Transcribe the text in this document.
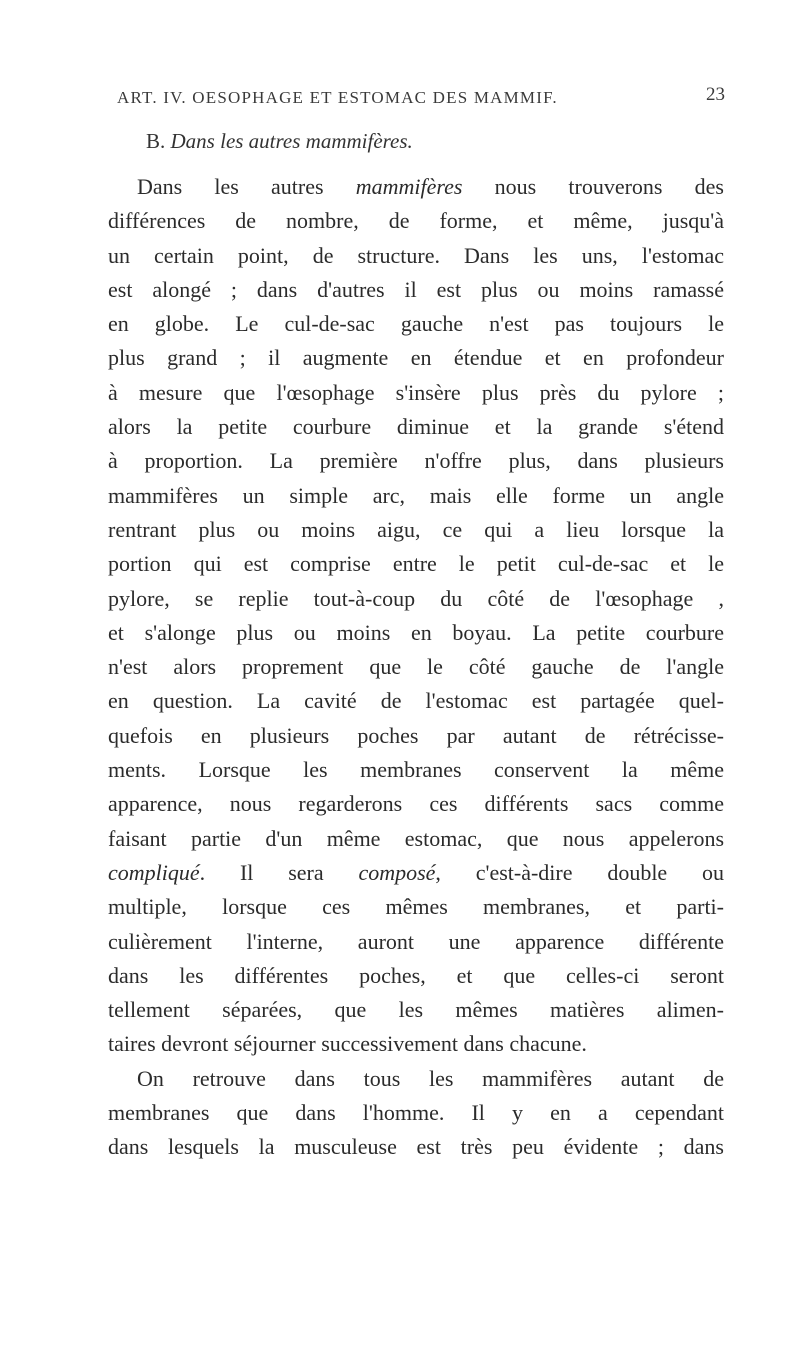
ART. IV. OESOPHAGE ET ESTOMAC DES MAMMIF.	23
B. Dans les autres mammifères.
Dans les autres mammifères nous trouverons des
différences de nombre, de forme, et même, jusqu'à
un certain point, de structure. Dans les uns, l'estomac
est alongé ; dans d'autres il est plus ou moins ramassé
en globe. Le cul-de-sac gauche n'est pas toujours le
plus grand ; il augmente en étendue et en profondeur
à mesure que l'œsophage s'insère plus près du pylore ;
alors la petite courbure diminue et la grande s'étend
à proportion. La première n'offre plus, dans plusieurs
mammifères un simple arc, mais elle forme un angle
rentrant plus ou moins aigu, ce qui a lieu lorsque la
portion qui est comprise entre le petit cul-de-sac et le
pylore, se replie tout-à-coup du côté de l'œsophage ,
et s'alonge plus ou moins en boyau. La petite courbure
n'est alors proprement que le côté gauche de l'angle
en question. La cavité de l'estomac est partagée quel-
quefois en plusieurs poches par autant de rétrécisse-
ments. Lorsque les membranes conservent la même
apparence, nous regarderons ces différents sacs comme
faisant partie d'un même estomac, que nous appelerons
compliqué. Il sera composé, c'est-à-dire double ou
multiple, lorsque ces mêmes membranes, et parti-
culièrement l'interne, auront une apparence différente
dans les différentes poches, et que celles-ci seront
tellement séparées, que les mêmes matières alimen-
taires devront séjourner successivement dans chacune.
On retrouve dans tous les mammifères autant de
membranes que dans l'homme. Il y en a cependant
dans lesquels la musculeuse est très peu évidente ; dans
